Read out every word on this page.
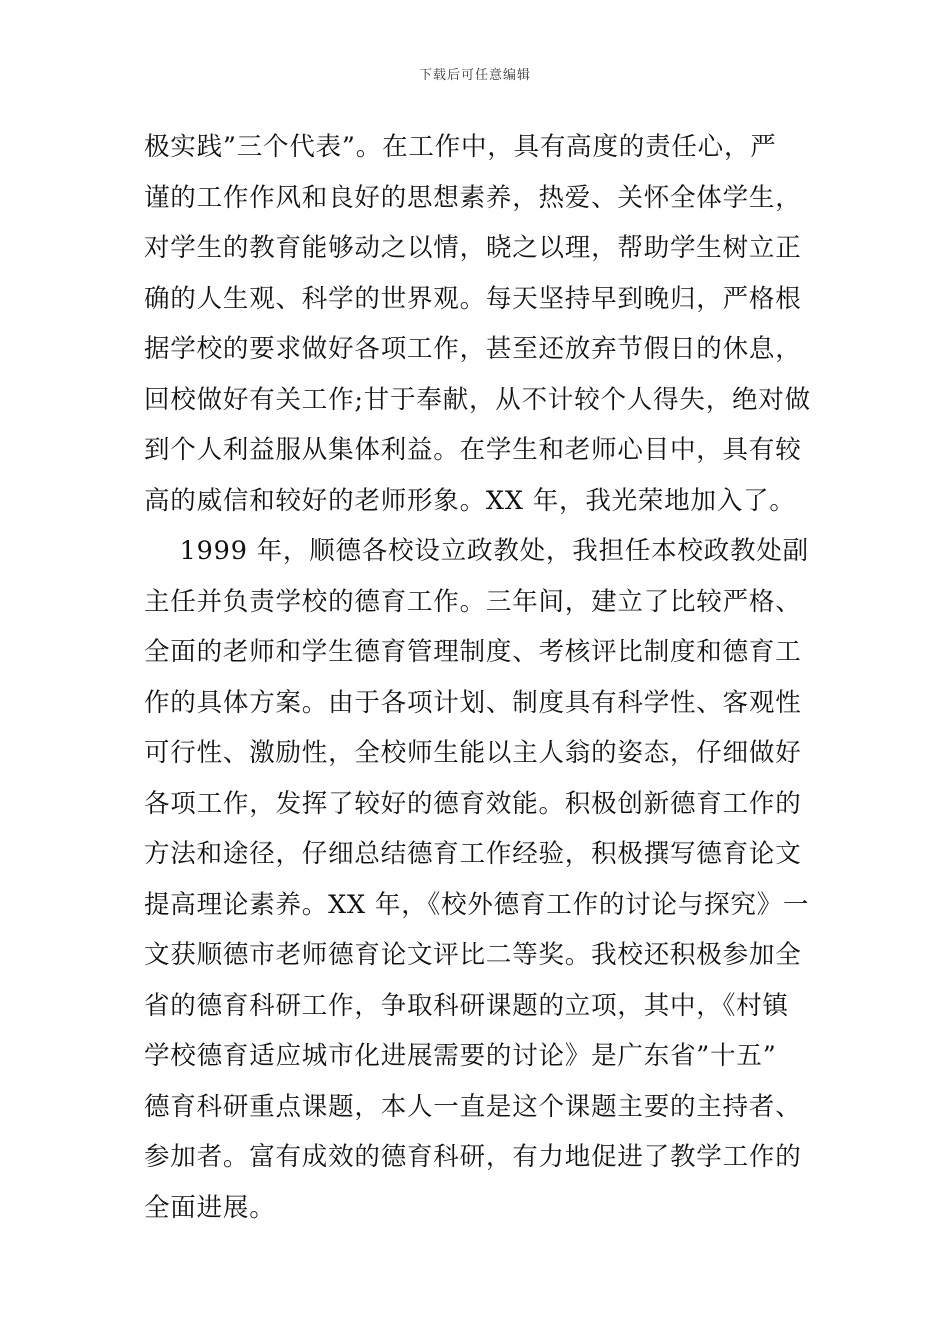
下载后可任意编辑
极实践”三个代表”。在工作中，具有高度的责任心，严
谨的工作作风和良好的思想素养，热爱、关怀全体学生，
对学生的教育能够动之以情，晓之以理，帮助学生树立正
确的人生观、科学的世界观。每天坚持早到晚归，严格根
据学校的要求做好各项工作，甚至还放弃节假日的休息，
回校做好有关工作;甘于奉献，从不计较个人得失，绝对做
到个人利益服从集体利益。在学生和老师心目中，具有较
高的威信和较好的老师形象。XX 年，我光荣地加入了。
1999 年，顺德各校设立政教处，我担任本校政教处副
主任并负责学校的德育工作。三年间，建立了比较严格、
全面的老师和学生德育管理制度、考核评比制度和德育工
作的具体方案。由于各项计划、制度具有科学性、客观性
可行性、激励性，全校师生能以主人翁的姿态，仔细做好
各项工作，发挥了较好的德育效能。积极创新德育工作的
方法和途径，仔细总结德育工作经验，积极撰写德育论文
提高理论素养。XX 年，《校外德育工作的讨论与探究》一
文获顺德市老师德育论文评比二等奖。我校还积极参加全
省的德育科研工作，争取科研课题的立项，其中，《村镇
学校德育适应城市化进展需要的讨论》是广东省”十五”
德育科研重点课题，本人一直是这个课题主要的主持者、
参加者。富有成效的德育科研，有力地促进了教学工作的
全面进展。
